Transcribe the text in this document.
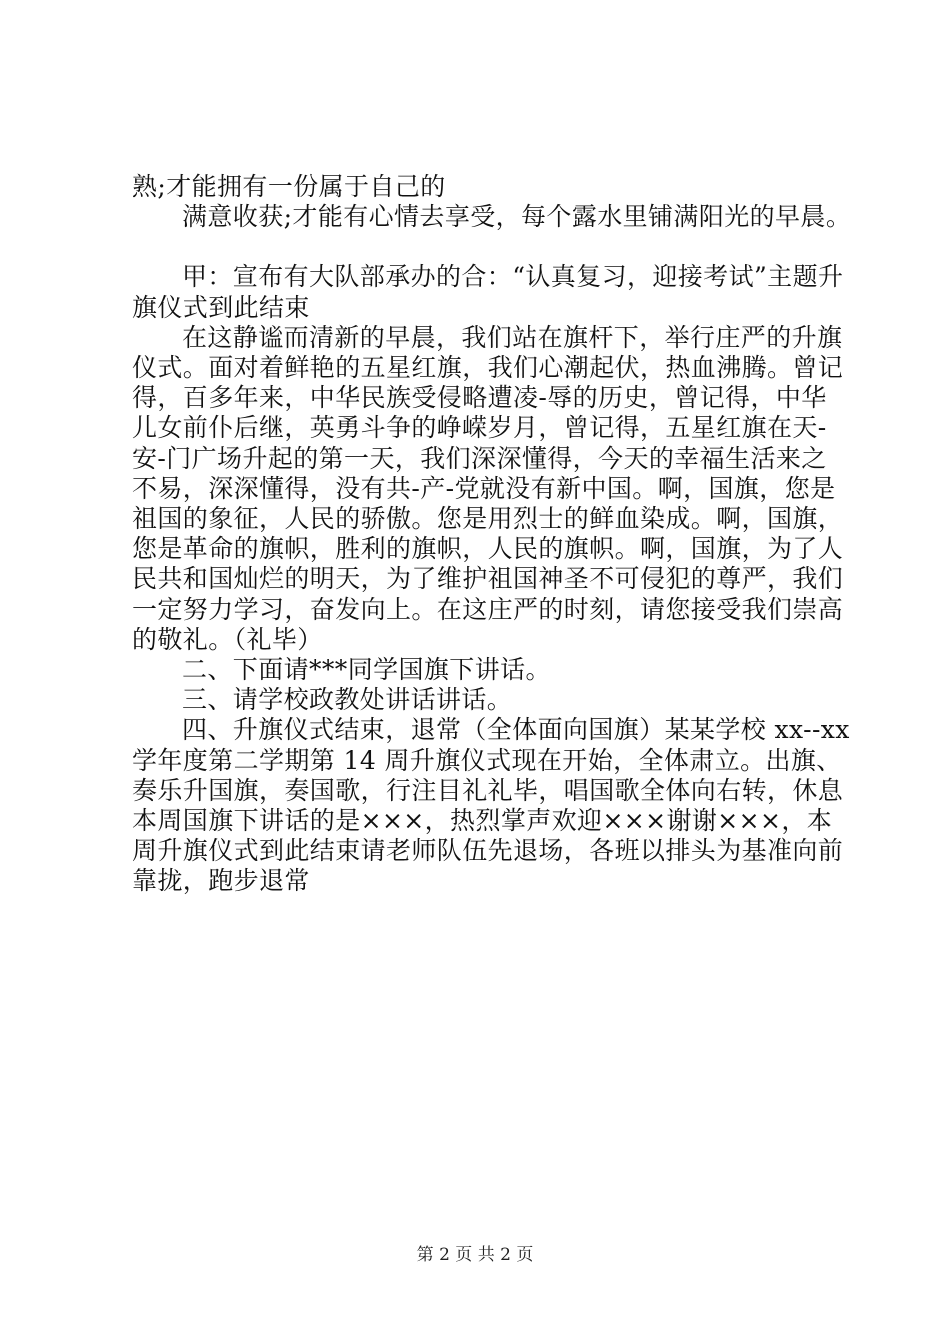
熟;才能拥有一份属于自己的

满意收获;才能有心情去享受，每个露水里铺满阳光的早晨。

甲：宣布有大队部承办的合：“认真复习，迎接考试”主题升旗仪式到此结束

在这静谧而清新的早晨，我们站在旗杆下，举行庄严的升旗仪式。面对着鲜艳的五星红旗，我们心潮起伏，热血沸腾。曾记得，百多年来，中华民族受侵略遭凌-辱的历史，曾记得，中华儿女前仆后继，英勇斗争的峥嵘岁月，曾记得，五星红旗在天-安-门广场升起的第一天，我们深深懂得，今天的幸福生活来之不易，深深懂得，没有共-产-党就没有新中国。啊，国旗，您是祖国的象征，人民的骄傲。您是用烈士的鲜血染成。啊，国旗，您是革命的旗帜，胜利的旗帜，人民的旗帜。啊，国旗，为了人民共和国灿烂的明天，为了维护祖国神圣不可侵犯的尊严，我们一定努力学习，奋发向上。在这庄严的时刻，请您接受我们崇高的敬礼。（礼毕）

二、下面请***同学国旗下讲话。

三、请学校政教处讲话讲话。

四、升旗仪式结束，退常（全体面向国旗）某某学校 xx--xx 学年度第二学期第 14 周升旗仪式现在开始，全体肃立。出旗、奏乐升国旗，奏国歌，行注目礼礼毕，唱国歌全体向右转，休息本周国旗下讲话的是×××，热烈掌声欢迎×××谢谢×××，本周升旗仪式到此结束请老师队伍先退场，各班以排头为基准向前靠拢，跑步退常

第 2 页 共 2 页
